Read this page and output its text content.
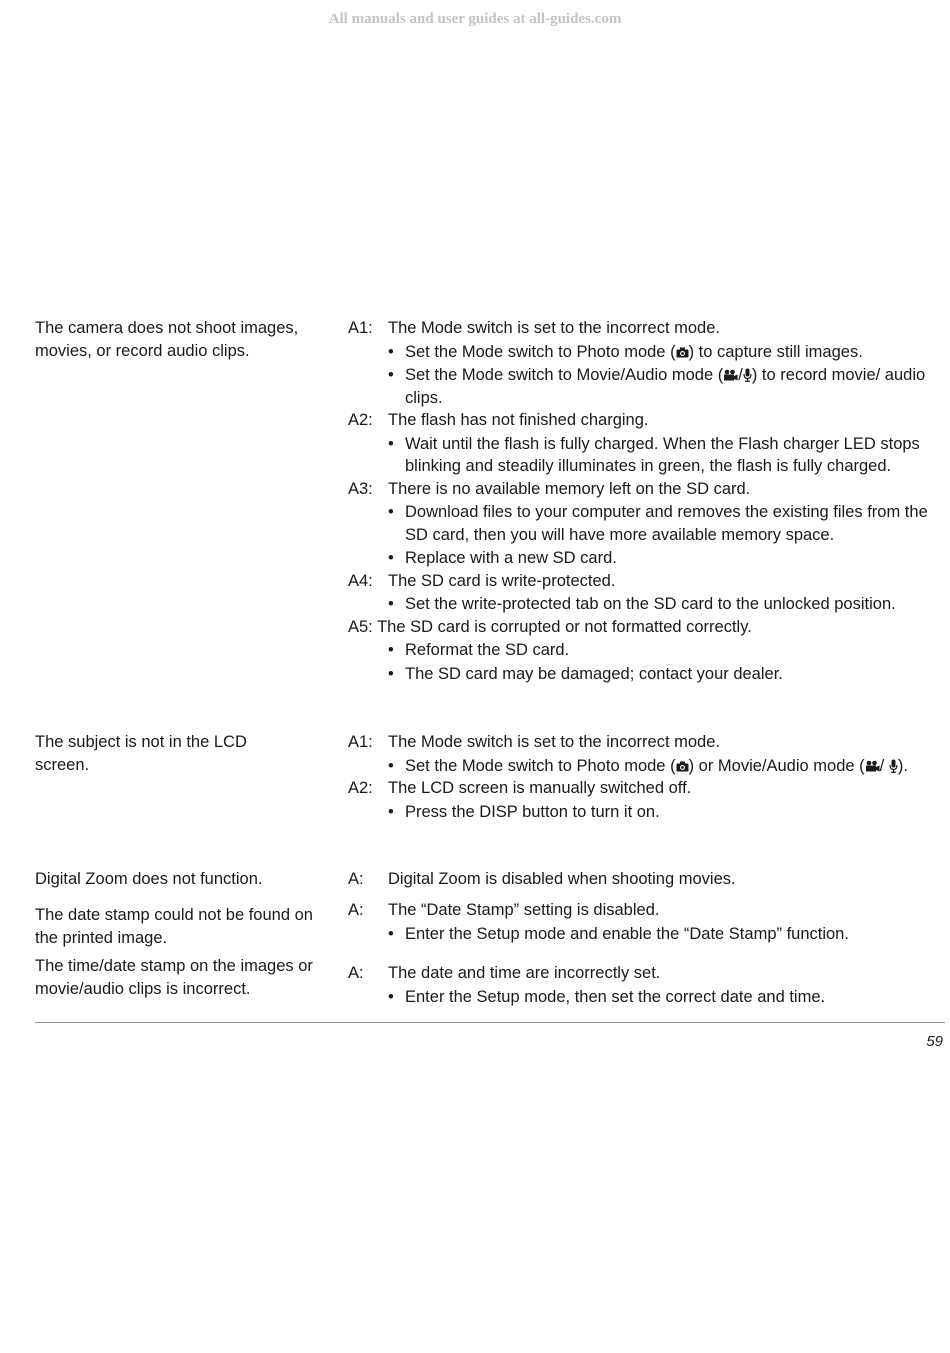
All manuals and user guides at all-guides.com
The camera does not shoot images, movies, or record audio clips.
A1: The Mode switch is set to the incorrect mode.
• Set the Mode switch to Photo mode ( ) to capture still images.
• Set the Mode switch to Movie/Audio mode ( / ) to record movie/ audio clips.
A2: The flash has not finished charging.
• Wait until the flash is fully charged. When the Flash charger LED stops blinking and steadily illuminates in green, the flash is fully charged.
A3: There is no available memory left on the SD card.
• Download files to your computer and removes the existing files from the SD card, then you will have more available memory space.
• Replace with a new SD card.
A4: The SD card is write-protected.
• Set the write-protected tab on the SD card to the unlocked position.
A5: The SD card is corrupted or not formatted correctly.
• Reformat the SD card.
• The SD card may be damaged; contact your dealer.
The subject is not in the LCD screen.
A1: The Mode switch is set to the incorrect mode.
• Set the Mode switch to Photo mode ( ) or Movie/Audio mode ( / ).
A2: The LCD screen is manually switched off.
• Press the DISP button to turn it on.
Digital Zoom does not function.	A: Digital Zoom is disabled when shooting movies.
The date stamp could not be found on the printed image.
A: The “Date Stamp” setting is disabled.
• Enter the Setup mode and enable the “Date Stamp” function.
The time/date stamp on the images or movie/audio clips is incorrect.
A: The date and time are incorrectly set.
• Enter the Setup mode, then set the correct date and time.
59
